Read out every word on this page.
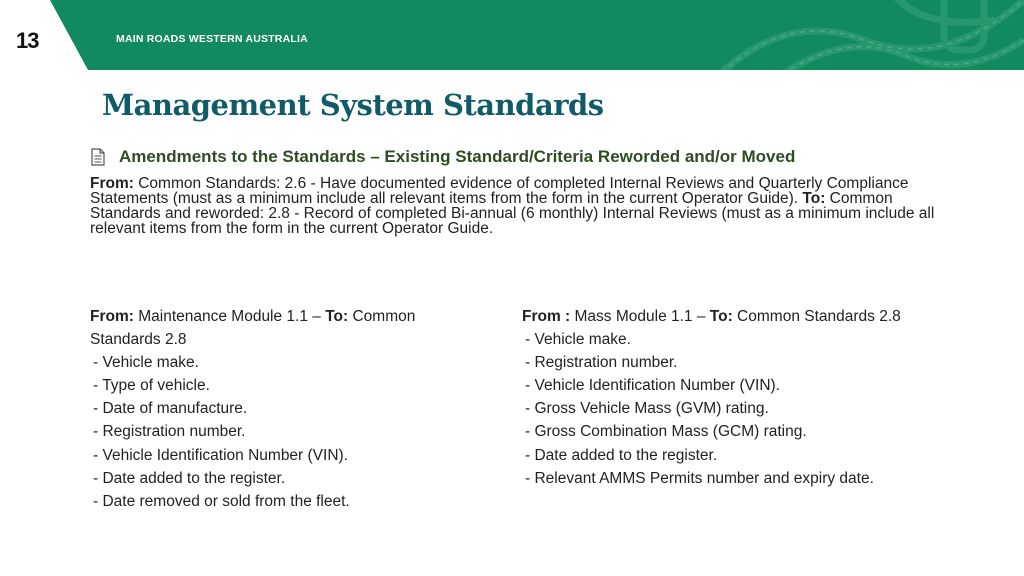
MAIN ROADS WESTERN AUSTRALIA
13
Management System Standards
Amendments to the Standards – Existing Standard/Criteria Reworded and/or Moved
From: Common Standards: 2.6 - Have documented evidence of completed Internal Reviews and Quarterly Compliance Statements (must as a minimum include all relevant items from the form in the current Operator Guide). To: Common Standards and reworded: 2.8 - Record of completed Bi-annual (6 monthly) Internal Reviews (must as a minimum include all relevant items from the form in the current Operator Guide.
From: Maintenance Module 1.1 – To: Common Standards 2.8
- Vehicle make.
- Type of vehicle.
- Date of manufacture.
- Registration number.
- Vehicle Identification Number (VIN).
- Date added to the register.
- Date removed or sold from the fleet.
From : Mass Module 1.1 – To: Common Standards 2.8
- Vehicle make.
- Registration number.
- Vehicle Identification Number (VIN).
- Gross Vehicle Mass (GVM) rating.
- Gross Combination Mass (GCM) rating.
- Date added to the register.
- Relevant AMMS Permits number and expiry date.
